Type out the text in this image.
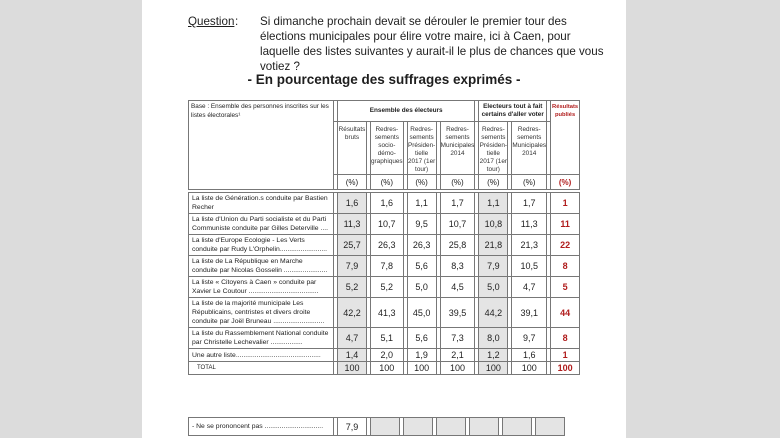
Question : Si dimanche prochain devait se dérouler le premier tour des élections municipales pour élire votre maire, ici à Caen, pour laquelle des listes suivantes y aurait-il le plus de chances que vous votiez ?
- En pourcentage des suffrages exprimés -
Base : Ensemble des personnes inscrites sur les listes électorales¹		Ensemble des électeurs								Electeurs tout à fait certains d'aller voter				Résultats publiés
		Résultats bruts		Redres-sements socio-démo-graphiques		Redres-sements Présiden-tielle 2017 (1er tour)		Redres-sements Municipales 2014		Redres-sements Présiden-tielle 2017 (1er tour)		Redres-sements Municipales 2014		
		(%)		(%)		(%)		(%)		(%)		(%)		(%)

La liste de Génération.s conduite par Bastien Recher		1,6		1,6		1,1		1,7		1,1		1,7		1
La liste d'Union du Parti socialiste et du Parti Communiste conduite par Gilles Deterville ....		11,3		10,7		9,5		10,7		10,8		11,3		11
La liste d'Europe Ecologie - Les Verts conduite par Rudy L'Orphelin.........................		25,7		26,3		26,3		25,8		21,8		21,3		22
La liste de La République en Marche conduite par Nicolas Gosselin .......................		7,9		7,8		5,6		8,3		7,9		10,5		8
La liste « Citoyens à Caen » conduite par Xavier Le Coutour .....................................		5,2		5,2		5,0		4,5		5,0		4,7		5
La liste de la majorité municipale Les Républicains, centristes et divers droite conduite par Joël Bruneau ...........................		42,2		41,3		45,0		39,5		44,2		39,1		44
La liste du Rassemblement National conduite par Christelle Lechevalier .................		4,7		5,1		5,6		7,3		8,0		9,7		8
Une autre liste.............................................		1,4		2,0		1,9		2,1		1,2		1,6		1
TOTAL		100		100		100		100		100		100		100
- Ne se prononcent pas ...............................		7,9												
